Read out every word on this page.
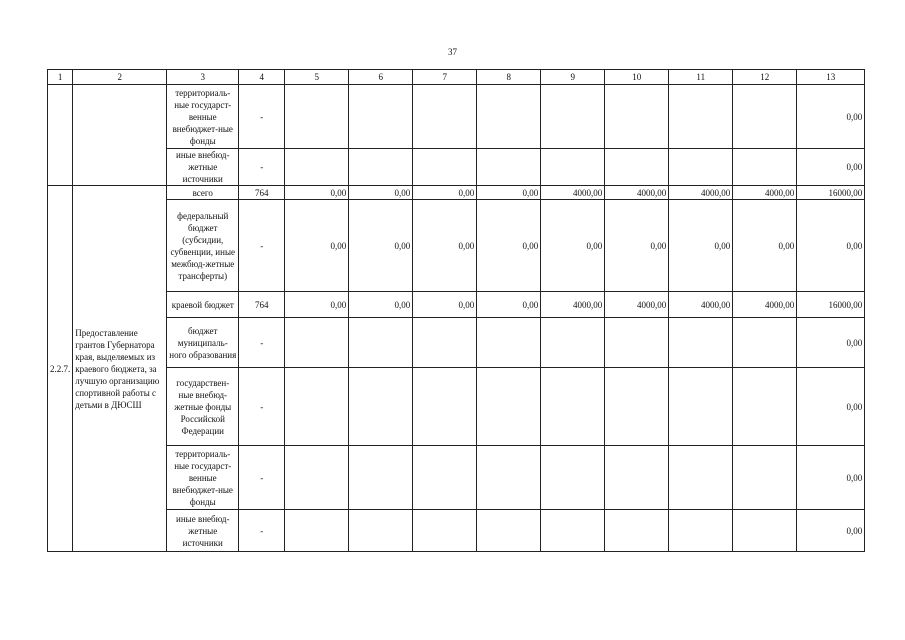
37
1	2	3	4	5	6	7	8	9	10	11	12	13
		территориаль-ные государст-венные внебюджет-ные фонды	-									0,00
		иные внебюд-жетные источники	-									0,00
2.2.7.	Предоставление грантов Губернатора края, выделяемых из краевого бюджета, за лучшую организацию спортивной работы с детьми в ДЮСШ	всего	764	0,00	0,00	0,00	0,00	4000,00	4000,00	4000,00	4000,00	16000,00
		федеральный бюджет (субсидии, субвенции, иные межбюд-жетные трансферты)	-	0,00	0,00	0,00	0,00	0,00	0,00	0,00	0,00	0,00
		краевой бюджет	764	0,00	0,00	0,00	0,00	4000,00	4000,00	4000,00	4000,00	16000,00
		бюджет муниципаль-ного образования	-									0,00
		государствен-ные внебюд-жетные фонды Российской Федерации	-									0,00
		территориаль-ные государст-венные внебюджет-ные фонды	-									0,00
		иные внебюд-жетные источники	-									0,00
